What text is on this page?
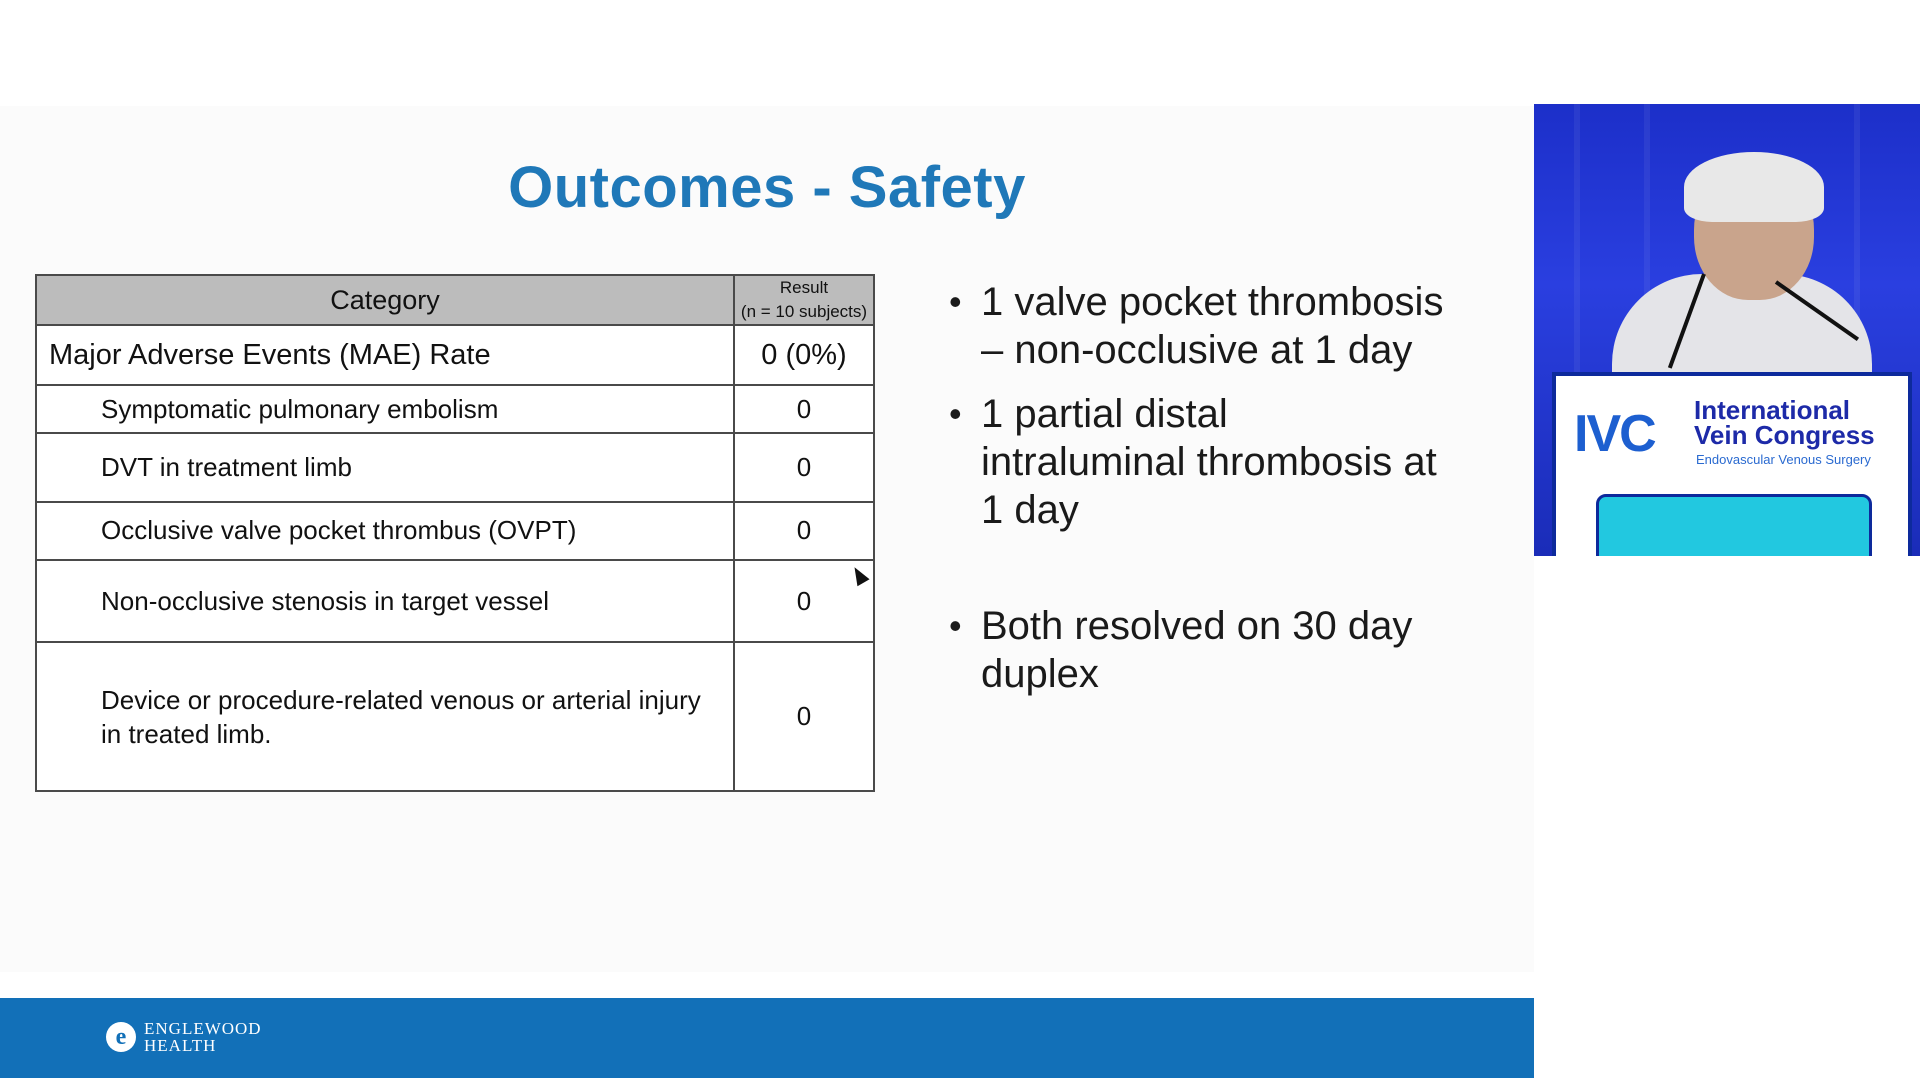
Outcomes - Safety
Category	Result
(n = 10 subjects)

Major Adverse Events (MAE) Rate	0 (0%)
Symptomatic pulmonary embolism	0
DVT in treatment limb	0
Occlusive valve pocket thrombus (OVPT)	0
Non-occlusive stenosis in target vessel	0

Device or procedure-related venous or arterial injury
in treated limb.	0
• 1 valve pocket thrombosis
– non-occlusive at 1 day
• 1 partial distal
intraluminal thrombosis at
1 day
• Both resolved on 30 day
duplex
e	ENGLEWOOD
HEALTH
IVC International
Vein Congress
Endovascular Venous Surgery
